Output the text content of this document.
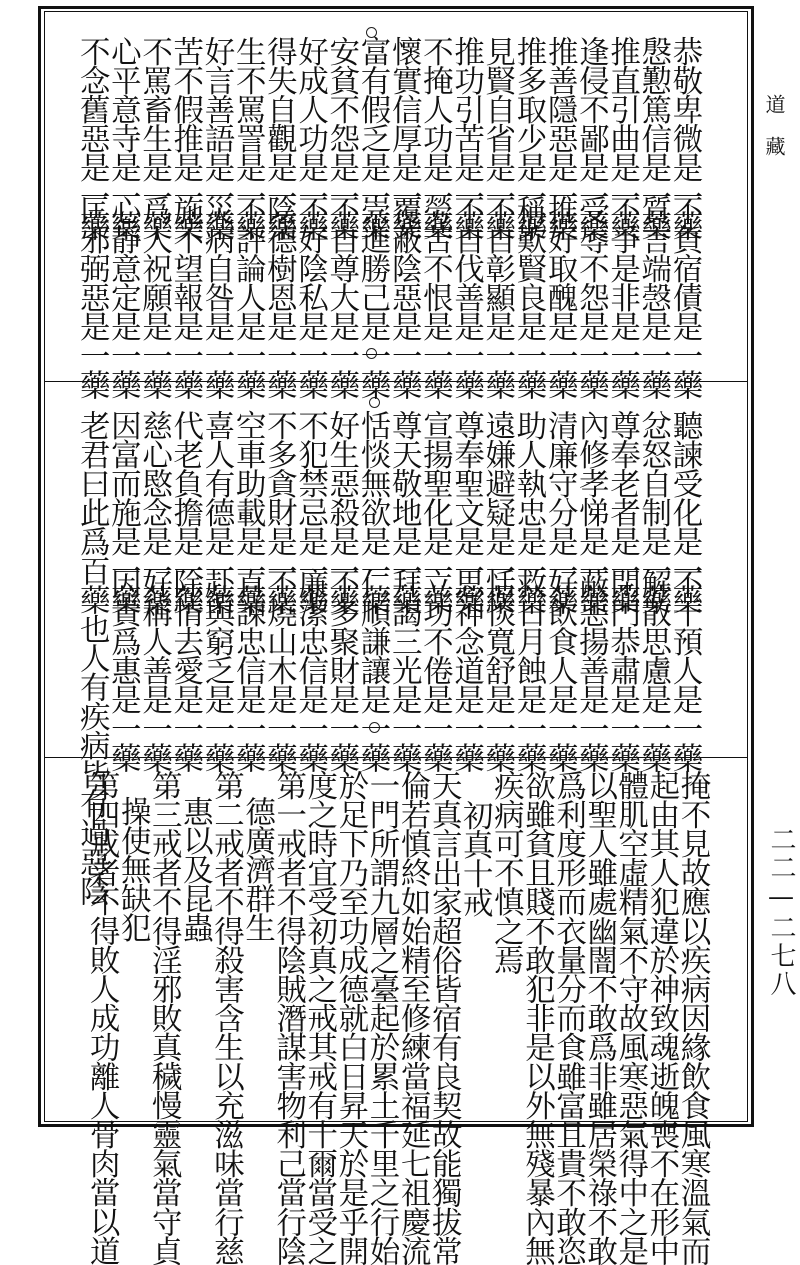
道藏
二二—二七八
恭敬卑微是一藥
不負宿債是一藥
慇懃篤信是一藥
質言端愨是一藥
推直引曲是一藥
不爭是非是一藥
逢侵不鄙是一藥
受辱不怨是一藥
推善隱惡是一藥
推好取醜是一藥
推多取少是一藥
稱歎賢良是一藥
見賢自省是一藥
不自彰顯是一藥
推功引苦是一藥
不自伐善是一藥
不掩人功是一藥
勞苦不恨是一藥
懷實信厚是一藥
覆蔽陰惡是一藥
富有假乏是一藥
崇進勝己是一藥
安貧不怨是一藥
不自尊大是一藥
好成人功是一藥
不好陰私是一藥
得失自觀是一藥
陰德樹恩是一藥
生不罵詈是一藥
不評論人是一藥
好言善語是一藥
災病自咎是一藥
苦不假推是一藥
施不望報是一藥
不罵畜生是一藥
爲人祝願是一藥
心平意寺是一藥
心靜意定是一藥
不念舊惡是一藥
匡邪弼惡是一藥
聽諫受化是一藥
不干預人是一藥
忿怒自制是一藥
解散思慮是一藥
尊奉老者是一藥
閉門恭肅是一藥
內修孝悌是一藥
蔽惡揚善是一藥
清廉守分是一藥
好飲食人是一藥
助人執忠是一藥
救日月蝕是一藥
遠嫌避疑是一藥
恬惔寬舒是一藥
尊奉聖文是一藥
思神念道是一藥
宣揚聖化是一藥
立功不倦是一藥
尊天敬地是一藥
拜謁三光是一藥
恬惔無欲是一藥
仁順謙讓是一藥
好生惡殺是一藥
不多聚財是一藥
不犯禁忌是一藥
廉潔忠信是一藥
不多貪財是一藥
不燒山木是一藥
空車助載是一藥
直諫忠信是一藥
喜人有德是一藥
赴與窮乏是一藥
代老負擔是一藥
除情去愛是一藥
慈心愍念是一藥
好稱人善是一藥
因富而施是一藥
因貴爲惠是一藥
老君曰此爲百藥也人有疾病皆有過惡陰
掩不見故應以疾病因緣飲食風寒溫氣而
起由其人犯違於神致魂逝魄喪不在形中
體肌空虛精氣不守故風寒惡氣得中之是
以聖人雖處幽闇不敢爲非雖居榮祿不敢
爲利度形而衣量分而食雖富且貴不敢恣
欲雖貧且賤不敢犯非是以外無殘暴內無
疾病可不慎之焉
初真十戒
天真言出家超俗皆宿有良契故能獨拔常
倫若慎終如始精至修練當福延七祖慶流
一門所謂九層之臺起於累土千里之行始
於足下乃至功成德就白日昇天於是乎開
度之時宜受初真之戒其戒有十爾當受之
第一戒者不得陰賊潛謀害物利己當行陰
德廣濟群生
第二戒者不得殺害含生以充滋味當行慈
惠以及昆蟲
第三戒者不得淫邪敗真穢慢靈氣當守貞
操使無缺犯
第四戒者不得敗人成功離人骨肉當以道
